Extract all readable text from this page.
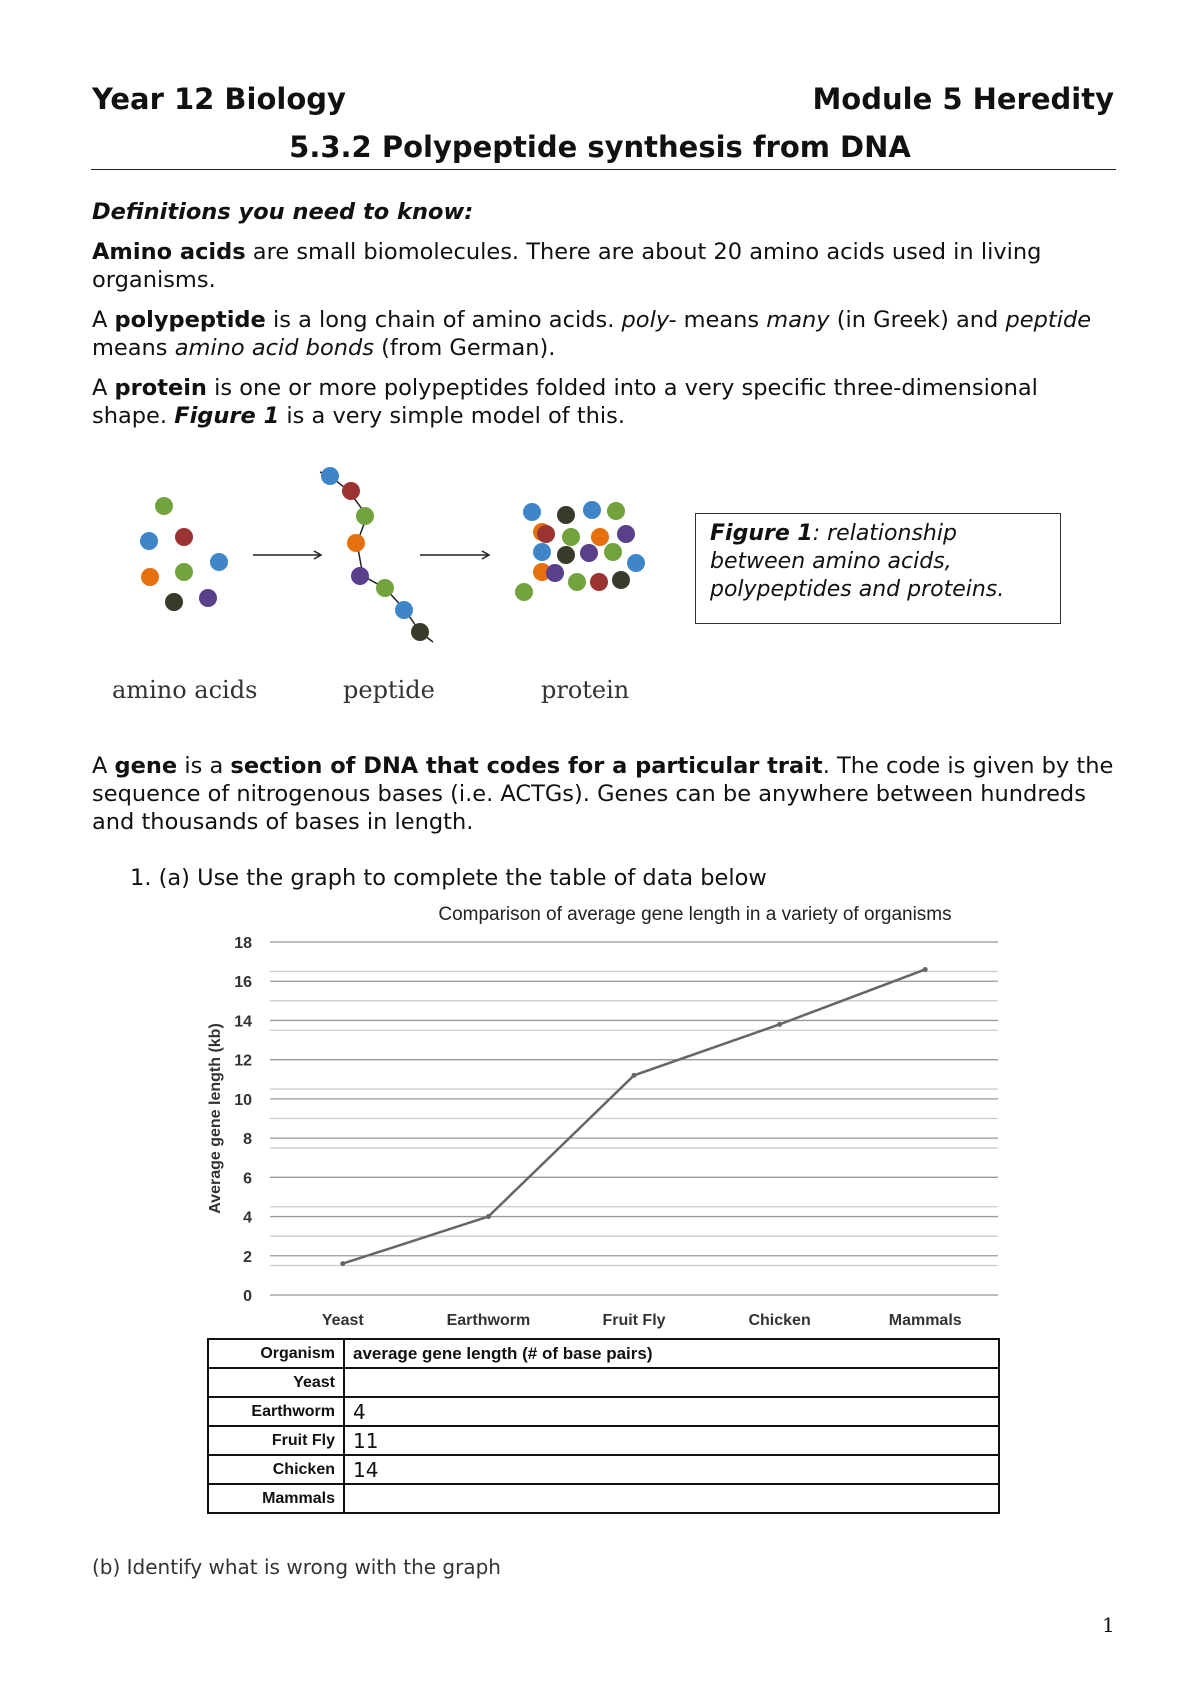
Year 12 Biology	Module 5 Heredity
5.3.2 Polypeptide synthesis from DNA

Definitions you need to know:

Amino acids are small biomolecules. There are about 20 amino acids used in living organisms.

A polypeptide is a long chain of amino acids. poly- means many (in Greek) and peptide means amino acid bonds (from German).

A protein is one or more polypeptides folded into a very specific three-dimensional shape. Figure 1 is a very simple model of this.

amino acids	peptide	protein
Figure 1: relationship between amino acids, polypeptides and proteins.

A gene is a section of DNA that codes for a particular trait. The code is given by the sequence of nitrogenous bases (i.e. ACTGs). Genes can be anywhere between hundreds and thousands of bases in length.

1. (a) Use the graph to complete the table of data below

Comparison of average gene length in a variety of organisms
0
2
4
6
8
10
12
14
16
18
Average gene length (kb)
Yeast	Earthworm	Fruit Fly	Chicken	Mammals
Organism	average gene length (# of base pairs)
Yeast	
Earthworm	4
Fruit Fly	11
Chicken	14
Mammals	

(b) Identify what is wrong with the graph

1
